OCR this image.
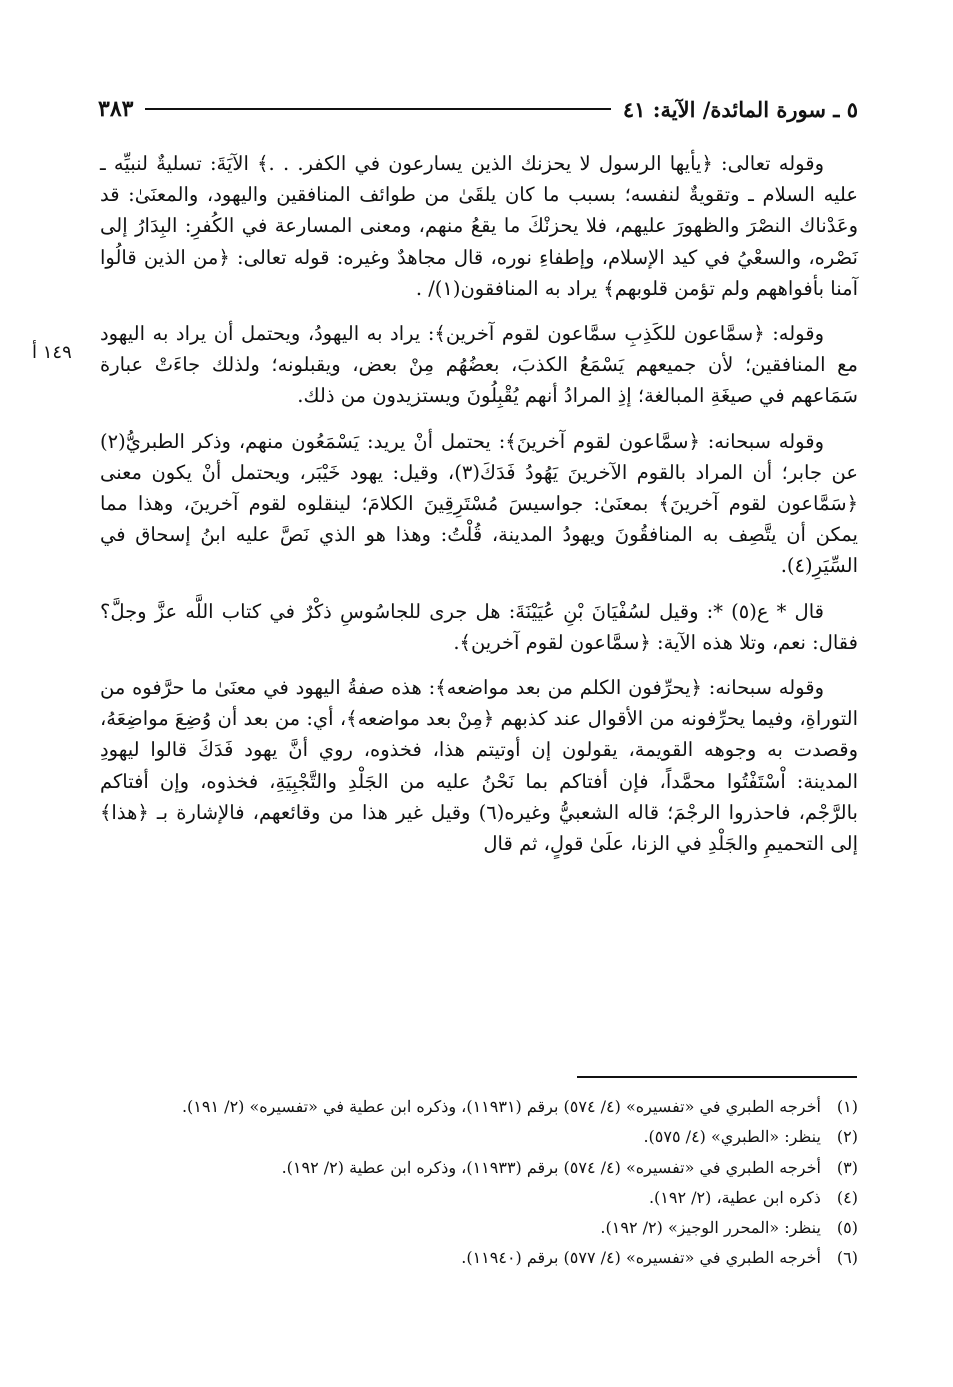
٥ ـ سورة المائدة/ الآية: ٤١
٣٨٣
١٤٩ أ

وقوله تعالى: ﴿يأيها الرسول لا يحزنك الذين يسارعون في الكفر. . .﴾ الآيَةَ: تسليةٌ لنبيِّه ـ عليه السلام ـ وتقويةٌ لنفسه؛ بسبب ما كان يلقَىٰ من طوائف المنافقين واليهود، والمعنَىٰ: قد وعَدْناك النصْرَ والظهورَ عليهم، فلا يحزنْكَ ما يقعُ منهم، ومعنى المسارعة في الكُفرِ: البِدَارُ إلى نَصْره، والسعْيُ في كيد الإسلام، وإطفاءِ نوره، قال مجاهدٌ وغيره: قوله تعالى: ﴿من الذين قالُوا آمنا بأفواههم ولم تؤمن قلوبهم﴾ يراد به المنافقون(١)/ .

وقوله: ﴿سمَّاعون للكَذِبِ سمَّاعون لقوم آخرين﴾: يراد به اليهودُ، ويحتمل أن يراد به اليهود مع المنافقين؛ لأن جميعهم يَسْمَعُ الكذبَ، بعضُهُم مِنْ بعض، ويقبلونه؛ ولذلك جاءَتْ عبارة سَمَاعهم في صيغَةِ المبالغة؛ إذِ المرادُ أنهم يُقْبِلُونَ ويستزيدون من ذلك.

وقوله سبحانه: ﴿سمَّاعون لقوم آخرينَ﴾: يحتمل أنْ يريد: يَسْمَعُون منهم، وذكر الطبريُّ(٢) عن جابر؛ أن المراد بالقوم الآخرينَ يَهُودُ فَدَكَ(٣)، وقيل: يهود خَيْبَر، ويحتمل أنْ يكون معنى ﴿سَمَّاعون لقوم آخرينَ﴾ بمعنَىٰ: جواسيسَ مُسْتَرِقِينَ الكلامَ؛ لينقلوه لقوم آخرينَ، وهذا مما يمكن أن يتَّصِف به المنافقُونَ ويهودُ المدينة، قُلْتُ: وهذا هو الذي نَصَّ عليه ابنُ إسحاق في السِّيَرِ(٤).

قال * ع(٥) *: وقيل لسُفْيَانَ بْنِ عُيَيْنَةَ: هل جرى للجاسُوسِ ذكْرٌ في كتاب اللَّه عزَّ وجلَّ؟ فقال: نعم، وتلا هذه الآية: ﴿سمَّاعون لقوم آخرين﴾.

وقوله سبحانه: ﴿يحرِّفون الكلم من بعد مواضعه﴾: هذه صفةُ اليهود في معنَىٰ ما حرَّفوه من التوراةِ، وفيما يحرِّفونه من الأقوال عند كذبهم ﴿مِنْ بعد مواضعه﴾، أي: من بعد أن وُضِعَ مواضِعَهُ، وقصدت به وجوهه القويمة، يقولون إن أوتيتم هذا، فخذوه، روي أنَّ يهود فَدَكَ قالوا ليهودِ المدينة: اْسْتَفْتُوا محمَّداً، فإن أفتاكم بما نَحْنُ عليه من الجَلْدِ والتَّجْبِيَةِ، فخذوه، وإن أفتاكم بالرَّجْم، فاحذروا الرجْمَ؛ قاله الشعبيُّ وغيره(٦) وقيل غير هذا من وقائعهم، فالإشارة بـ ﴿هذا﴾ إلى التحميمِ والجَلْدِ في الزنا، علَىٰ قولٍ، ثم قال

(١) أخرجه الطبري في «تفسيره» (٤/ ٥٧٤) برقم (١١٩٣١)، وذكره ابن عطية في «تفسيره» (٢/ ١٩١).
(٢) ينظر: «الطبري» (٤/ ٥٧٥).
(٣) أخرجه الطبري في «تفسيره» (٤/ ٥٧٤) برقم (١١٩٣٣)، وذكره ابن عطية (٢/ ١٩٢).
(٤) ذكره ابن عطية، (٢/ ١٩٢).
(٥) ينظر: «المحرر الوجيز» (٢/ ١٩٢).
(٦) أخرجه الطبري في «تفسيره» (٤/ ٥٧٧) برقم (١١٩٤٠).
